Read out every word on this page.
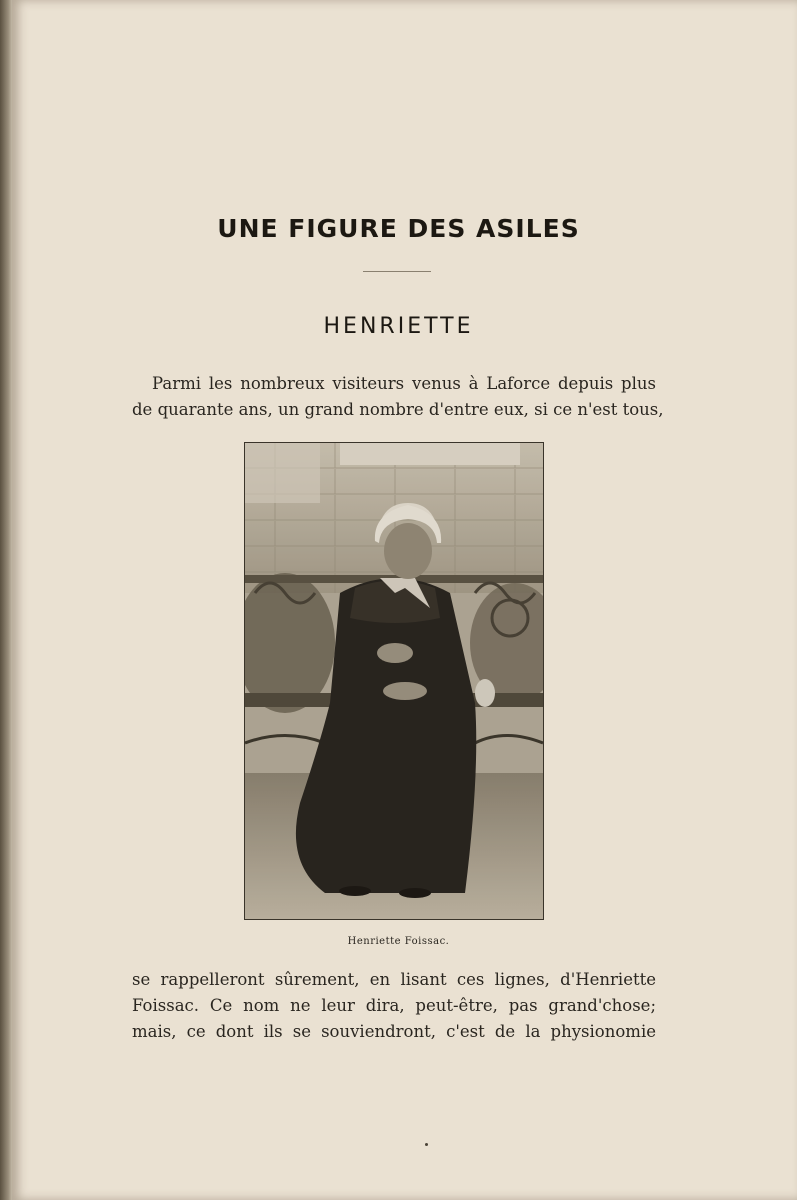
UNE FIGURE DES ASILES
HENRIETTE
Parmi les nombreux visiteurs venus à Laforce depuis plus
de quarante ans, un grand nombre d'entre eux, si ce n'est tous,
Henriette Foissac.
se rappelleront sûrement, en lisant ces lignes, d'Henriette
Foissac. Ce nom ne leur dira, peut-être, pas grand'chose;
mais, ce dont ils se souviendront, c'est de la physionomie
